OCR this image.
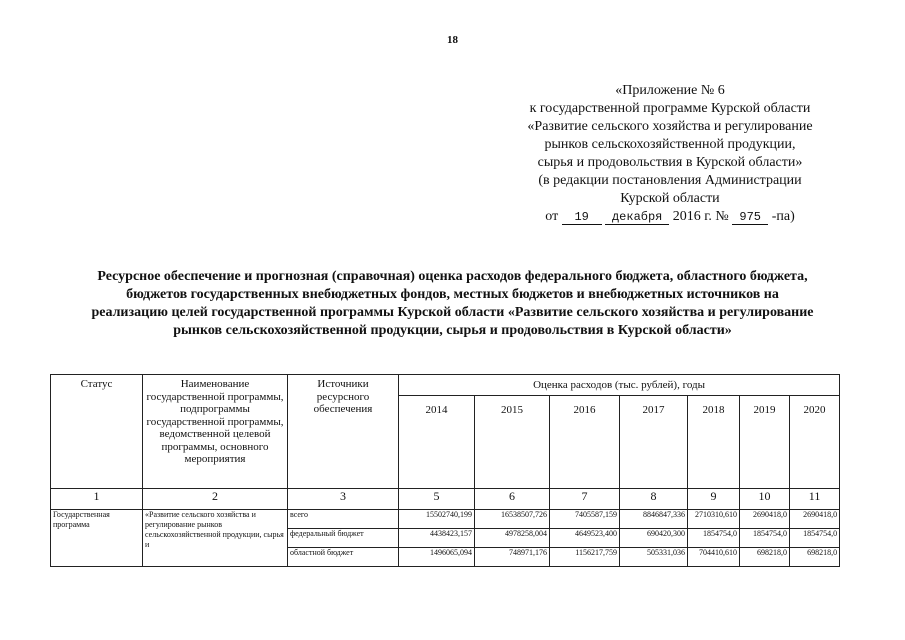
18
«Приложение № 6
к государственной программе Курской области
«Развитие сельского хозяйства и регулирование
рынков сельскохозяйственной продукции,
сырья и продовольствия в Курской области»
(в редакции постановления Администрации
Курской области
от 19 декабря 2016 г. № 975 -па)
Ресурсное обеспечение и прогнозная (справочная) оценка расходов федерального бюджета, областного бюджета,
бюджетов государственных внебюджетных фондов, местных бюджетов и внебюджетных источников на
реализацию целей государственной программы Курской области «Развитие сельского хозяйства и регулирование
рынков сельскохозяйственной продукции, сырья и продовольствия в Курской области»
Статус	Наименование государственной программы, подпрограммы государственной программы, ведомственной целевой программы, основного мероприятия	Источники ресурсного обеспечения	Оценка расходов (тыс. рублей), годы						
			2014	2015	2016	2017	2018	2019	2020
1	2	3	5	6	7	8	9	10	11
Государственная программа	«Развитие сельского хозяйства и регулирование рынков сельскохозяйственной продукции, сырья и	всего	15502740,199	16538507,726	7405587,159	8846847,336	2710310,610	2690418,0	2690418,0
		федеральный бюджет	4438423,157	4978258,004	4649523,400	690420,300	1854754,0	1854754,0	1854754,0
		областной бюджет	1496065,094	748971,176	1156217,759	505331,036	704410,610	698218,0	698218,0
